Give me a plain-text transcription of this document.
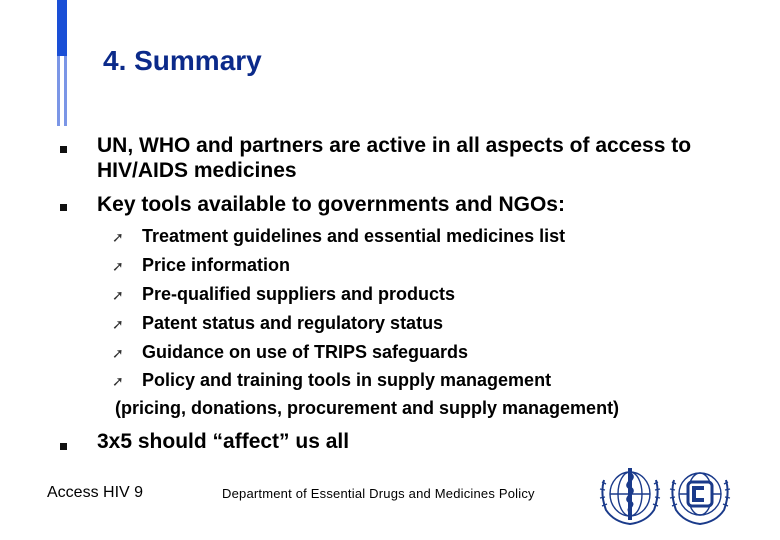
4. Summary
UN, WHO and partners are active in all aspects of access to HIV/AIDS medicines
Key tools available to governments and NGOs:
➚ Treatment guidelines and essential medicines list
➚ Price information
➚ Pre-qualified suppliers and products
➚ Patent status and regulatory status
➚ Guidance on use of TRIPS safeguards
➚ Policy and training tools in supply management
(pricing, donations, procurement and supply management)
3x5 should “affect” us all
Access HIV 9	Department of Essential Drugs and Medicines Policy
